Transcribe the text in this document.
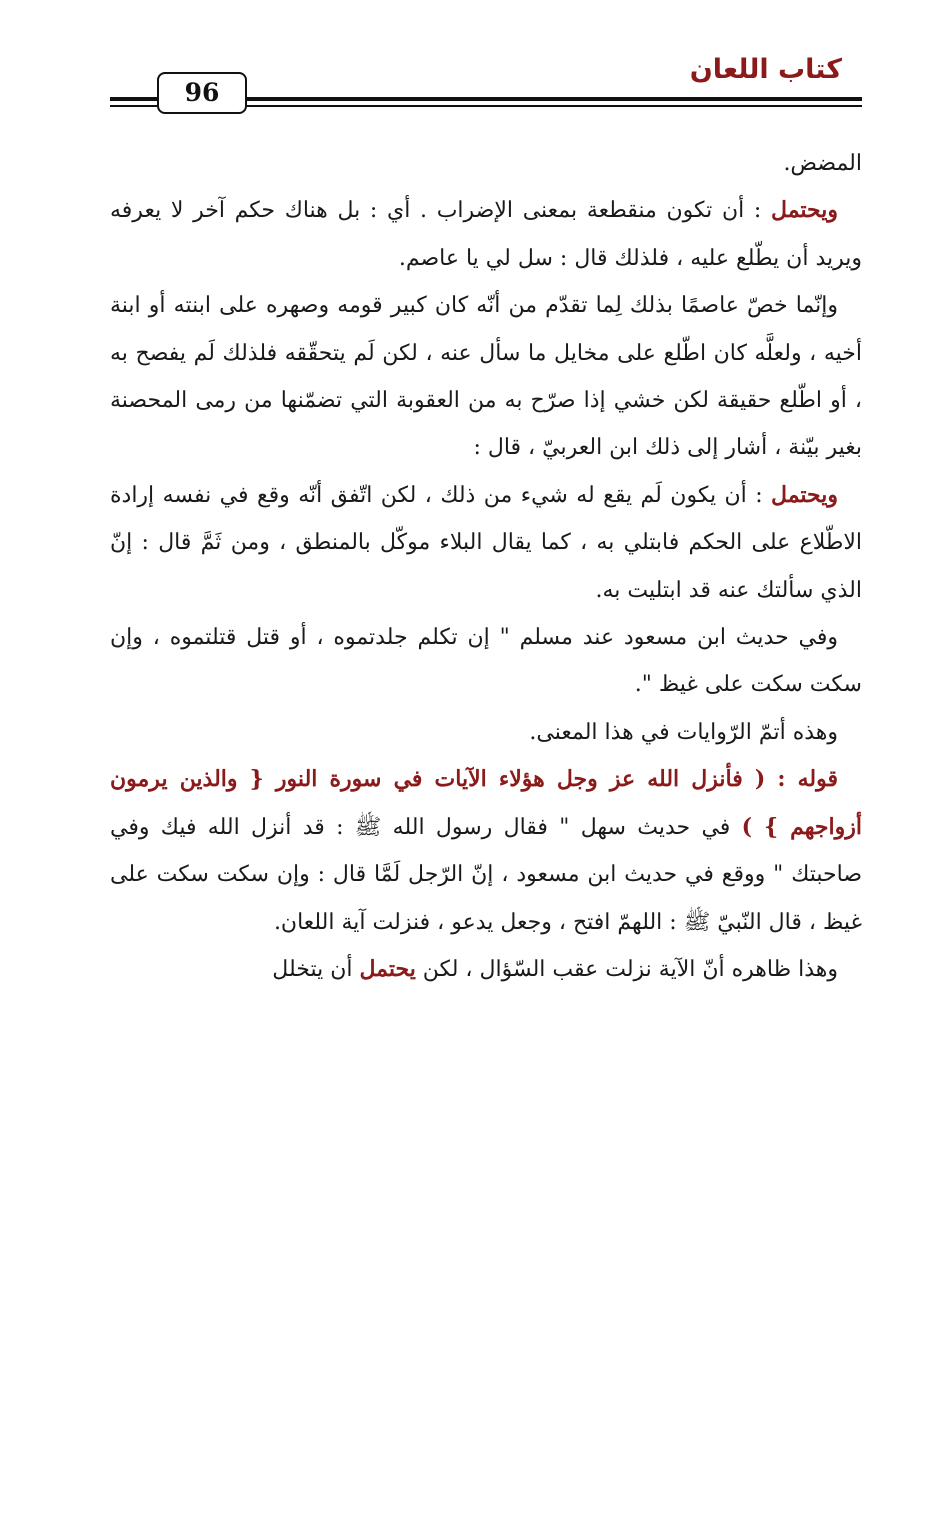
كتاب اللعان
96

المضض.

ويحتمل : أن تكون منقطعة بمعنى الإضراب . أي : بل هناك حكم آخر لا يعرفه ويريد أن يطّلع عليه ، فلذلك قال : سل لي يا عاصم.

وإنّما خصّ عاصمًا بذلك لِما تقدّم من أنّه كان كبير قومه وصهره على ابنته أو ابنة أخيه ، ولعلَّه كان اطّلع على مخايل ما سأل عنه ، لكن لَم يتحقّقه فلذلك لَم يفصح به ، أو اطّلع حقيقة لكن خشي إذا صرّح به من العقوبة التي تضمّنها من رمى المحصنة بغير بيّنة ، أشار إلى ذلك ابن العربيّ ، قال :

ويحتمل : أن يكون لَم يقع له شيء من ذلك ، لكن اتّفق أنّه وقع في نفسه إرادة الاطّلاع على الحكم فابتلي به ، كما يقال البلاء موكّل بالمنطق ، ومن ثَمَّ قال : إنّ الذي سألتك عنه قد ابتليت به.

وفي حديث ابن مسعود عند مسلم " إن تكلم جلدتموه ، أو قتل قتلتموه ، وإن سكت سكت على غيظ ".

وهذه أتمّ الرّوايات في هذا المعنى.

قوله : ( فأنزل الله عز وجل هؤلاء الآيات في سورة النور { والذين يرمون أزواجهم } ) في حديث سهل " فقال رسول الله ﷺ : قد أنزل الله فيك وفي صاحبتك " ووقع في حديث ابن مسعود ، إنّ الرّجل لَمَّا قال : وإن سكت سكت على غيظ ، قال النّبيّ ﷺ : اللهمّ افتح ، وجعل يدعو ، فنزلت آية اللعان.

وهذا ظاهره أنّ الآية نزلت عقب السّؤال ، لكن يحتمل أن يتخلل
